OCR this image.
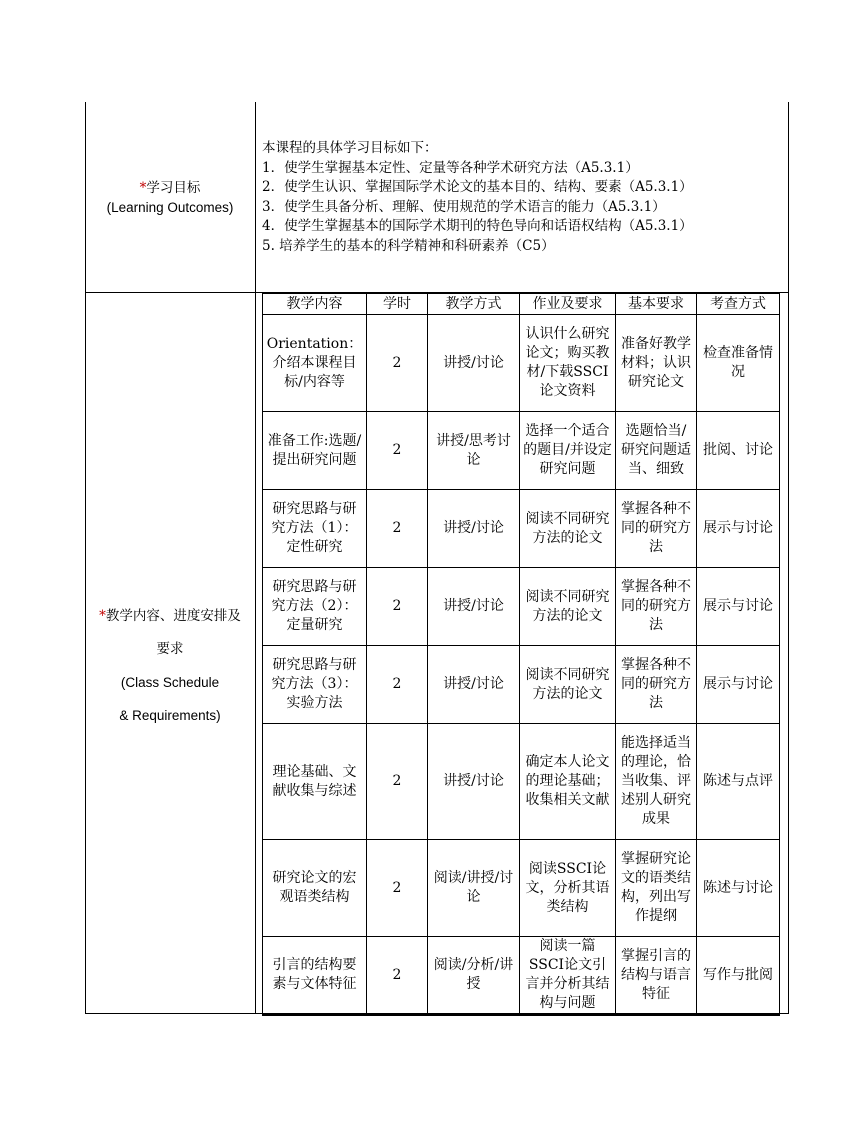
*学习目标
(Learning Outcomes)
本课程的具体学习目标如下：
1．使学生掌握基本定性、定量等各种学术研究方法（A5.3.1）
2．使学生认识、掌握国际学术论文的基本目的、结构、要素（A5.3.1）
3．使学生具备分析、理解、使用规范的学术语言的能力（A5.3.1）
4．使学生掌握基本的国际学术期刊的特色导向和话语权结构（A5.3.1）
5. 培养学生的基本的科学精神和科研素养（C5）
*教学内容、进度安排及
要求
(Class Schedule
& Requirements)
教学内容	学时	教学方式	作业及要求	基本要求	考查方式
Orientation：介绍本课程目标/内容等	2	讲授/讨论	认识什么研究论文；购买教材/下载SSCI论文资料	准备好教学材料；认识研究论文	检查准备情况
准备工作:选题/提出研究问题	2	讲授/思考讨论	选择一个适合的题目/并设定研究问题	选题恰当/研究问题适当、细致	批阅、讨论
研究思路与研究方法（1）：定性研究	2	讲授/讨论	阅读不同研究方法的论文	掌握各种不同的研究方法	展示与讨论
研究思路与研究方法（2）：定量研究	2	讲授/讨论	阅读不同研究方法的论文	掌握各种不同的研究方法	展示与讨论
研究思路与研究方法（3）：实验方法	2	讲授/讨论	阅读不同研究方法的论文	掌握各种不同的研究方法	展示与讨论
理论基础、文献收集与综述	2	讲授/讨论	确定本人论文的理论基础；收集相关文献	能选择适当的理论，恰当收集、评述别人研究成果	陈述与点评
研究论文的宏观语类结构	2	阅读/讲授/讨论	阅读SSCI论文，分析其语类结构	掌握研究论文的语类结构，列出写作提纲	陈述与讨论
引言的结构要素与文体特征	2	阅读/分析/讲授	阅读一篇SSCI论文引言并分析其结构与问题	掌握引言的结构与语言特征	写作与批阅
